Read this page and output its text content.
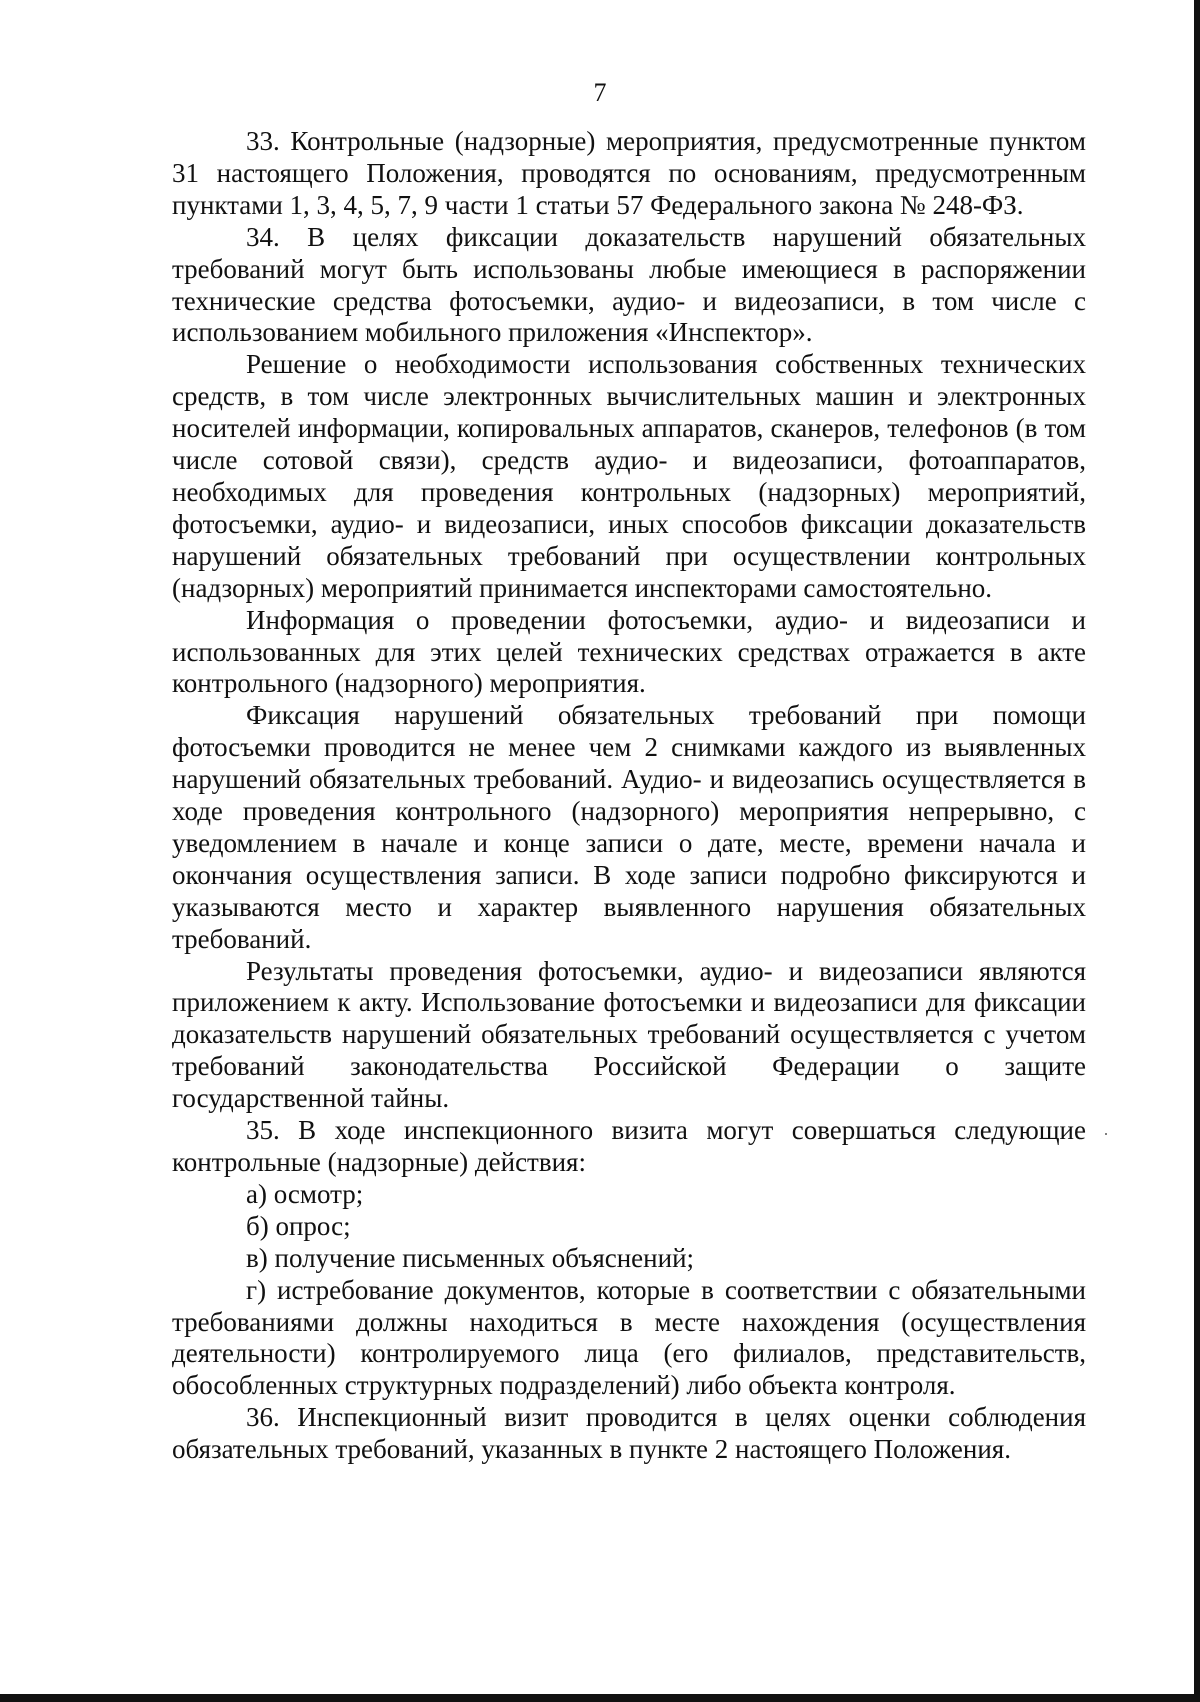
7

33. Контрольные (надзорные) мероприятия, предусмотренные пунктом 31 настоящего Положения, проводятся по основаниям, предусмотренным пунктами 1, 3, 4, 5, 7, 9 части 1 статьи 57 Федерального закона № 248-ФЗ.

34. В целях фиксации доказательств нарушений обязательных требований могут быть использованы любые имеющиеся в распоряжении технические средства фотосъемки, аудио- и видеозаписи, в том числе с использованием мобильного приложения «Инспектор».

Решение о необходимости использования собственных технических средств, в том числе электронных вычислительных машин и электронных носителей информации, копировальных аппаратов, сканеров, телефонов (в том числе сотовой связи), средств аудио- и видеозаписи, фотоаппаратов, необходимых для проведения контрольных (надзорных) мероприятий, фотосъемки, аудио- и видеозаписи, иных способов фиксации доказательств нарушений обязательных требований при осуществлении контрольных (надзорных) мероприятий принимается инспекторами самостоятельно.

Информация о проведении фотосъемки, аудио- и видеозаписи и использованных для этих целей технических средствах отражается в акте контрольного (надзорного) мероприятия.

Фиксация нарушений обязательных требований при помощи фотосъемки проводится не менее чем 2 снимками каждого из выявленных нарушений обязательных требований. Аудио- и видеозапись осуществляется в ходе проведения контрольного (надзорного) мероприятия непрерывно, с уведомлением в начале и конце записи о дате, месте, времени начала и окончания осуществления записи. В ходе записи подробно фиксируются и указываются место и характер выявленного нарушения обязательных требований.

Результаты проведения фотосъемки, аудио- и видеозаписи являются приложением к акту. Использование фотосъемки и видеозаписи для фиксации доказательств нарушений обязательных требований осуществляется с учетом требований законодательства Российской Федерации о защите государственной тайны.

35. В ходе инспекционного визита могут совершаться следующие контрольные (надзорные) действия:

а) осмотр;

б) опрос;

в) получение письменных объяснений;

г) истребование документов, которые в соответствии с обязательными требованиями должны находиться в месте нахождения (осуществления деятельности) контролируемого лица (его филиалов, представительств, обособленных структурных подразделений) либо объекта контроля.

36. Инспекционный визит проводится в целях оценки соблюдения обязательных требований, указанных в пункте 2 настоящего Положения.
